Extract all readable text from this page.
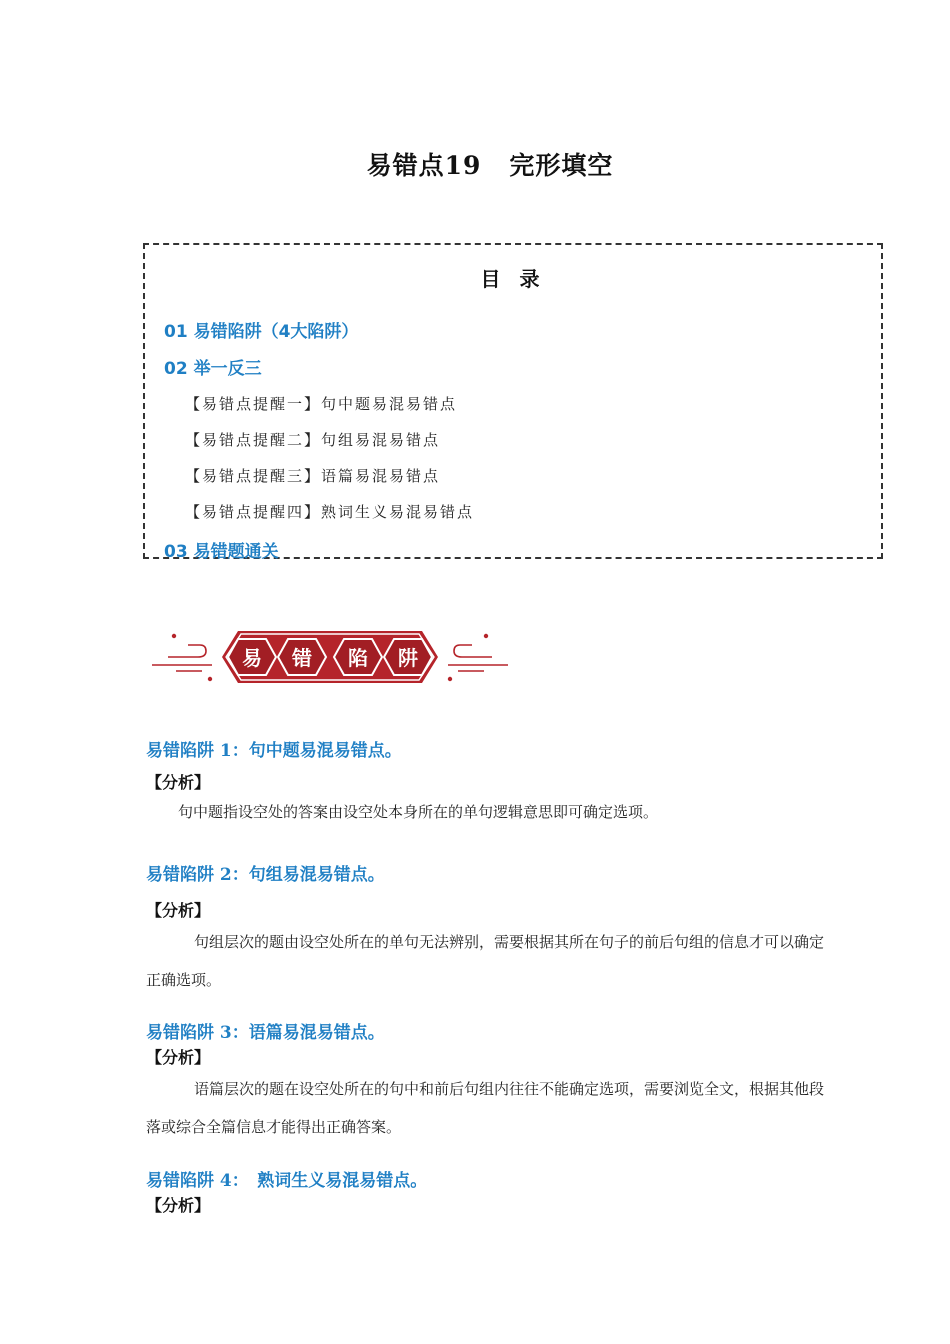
易错点19 完形填空
目 录
01 易错陷阱（4大陷阱）
02 举一反三
【易错点提醒一】句中题易混易错点
【易错点提醒二】句组易混易错点
【易错点提醒三】语篇易混易错点
【易错点提醒四】熟词生义易混易错点
03 易错题通关
易 错 陷 阱
易错陷阱 1：句中题易混易错点。
【分析】
句中题指设空处的答案由设空处本身所在的单句逻辑意思即可确定选项。
易错陷阱 2：句组易混易错点。
【分析】
句组层次的题由设空处所在的单句无法辨别，需要根据其所在句子的前后句组的信息才可以确定正确选项。
易错陷阱 3：语篇易混易错点。
【分析】
语篇层次的题在设空处所在的句中和前后句组内往往不能确定选项，需要浏览全文，根据其他段落或综合全篇信息才能得出正确答案。
易错陷阱 4：　熟词生义易混易错点。
【分析】
